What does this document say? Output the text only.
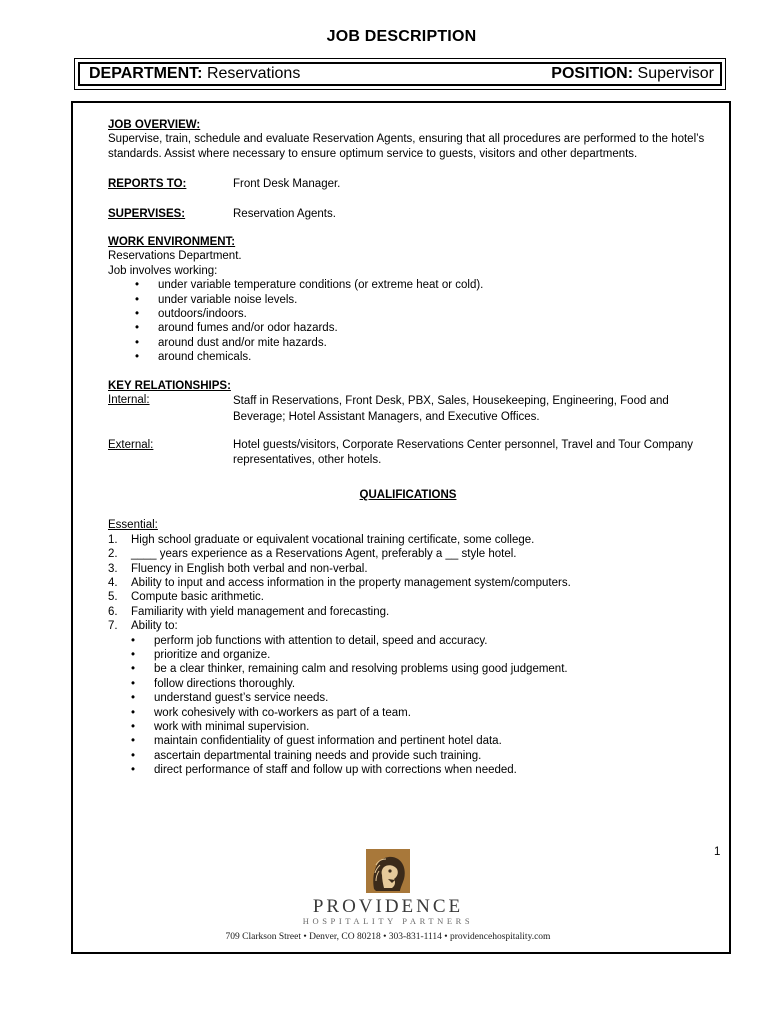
JOB DESCRIPTION
DEPARTMENT: Reservations	POSITION: Supervisor

JOB OVERVIEW:

Supervise, train, schedule and evaluate Reservation Agents, ensuring that all procedures are performed to the hotel’s standards. Assist where necessary to ensure optimum service to guests, visitors and other departments.

REPORTS TO:	Front Desk Manager.
SUPERVISES:	Reservation Agents.

WORK ENVIRONMENT:

Reservations Department.

Job involves working:

• under variable temperature conditions (or extreme heat or cold).
• under variable noise levels.
• outdoors/indoors.
• around fumes and/or odor hazards.
• around dust and/or mite hazards.
• around chemicals.

KEY RELATIONSHIPS:

Internal:	Staff in Reservations, Front Desk, PBX, Sales, Housekeeping, Engineering, Food and Beverage; Hotel Assistant Managers, and Executive Offices.
External:	Hotel guests/visitors, Corporate Reservations Center personnel, Travel and Tour Company representatives, other hotels.

QUALIFICATIONS

Essential:

1.	High school graduate or equivalent vocational training certificate, some college.
2.	____ years experience as a Reservations Agent, preferably a __ style hotel.
3.	Fluency in English both verbal and non-verbal.
4.	Ability to input and access information in the property management system/computers.
5.	Compute basic arithmetic.
6.	Familiarity with yield management and forecasting.
7.	Ability to:
• perform job functions with attention to detail, speed and accuracy.
• prioritize and organize.
• be a clear thinker, remaining calm and resolving problems using good judgement.
• follow directions thoroughly.
• understand guest’s service needs.
• work cohesively with co-workers as part of a team.
• work with minimal supervision.
• maintain confidentiality of guest information and pertinent hotel data.
• ascertain departmental training needs and provide such training.
• direct performance of staff and follow up with corrections when needed.
1
PROVIDENCE
HOSPITALITY PARTNERS
709 Clarkson Street • Denver, CO 80218 • 303-831-1114 • providencehospitality.com
